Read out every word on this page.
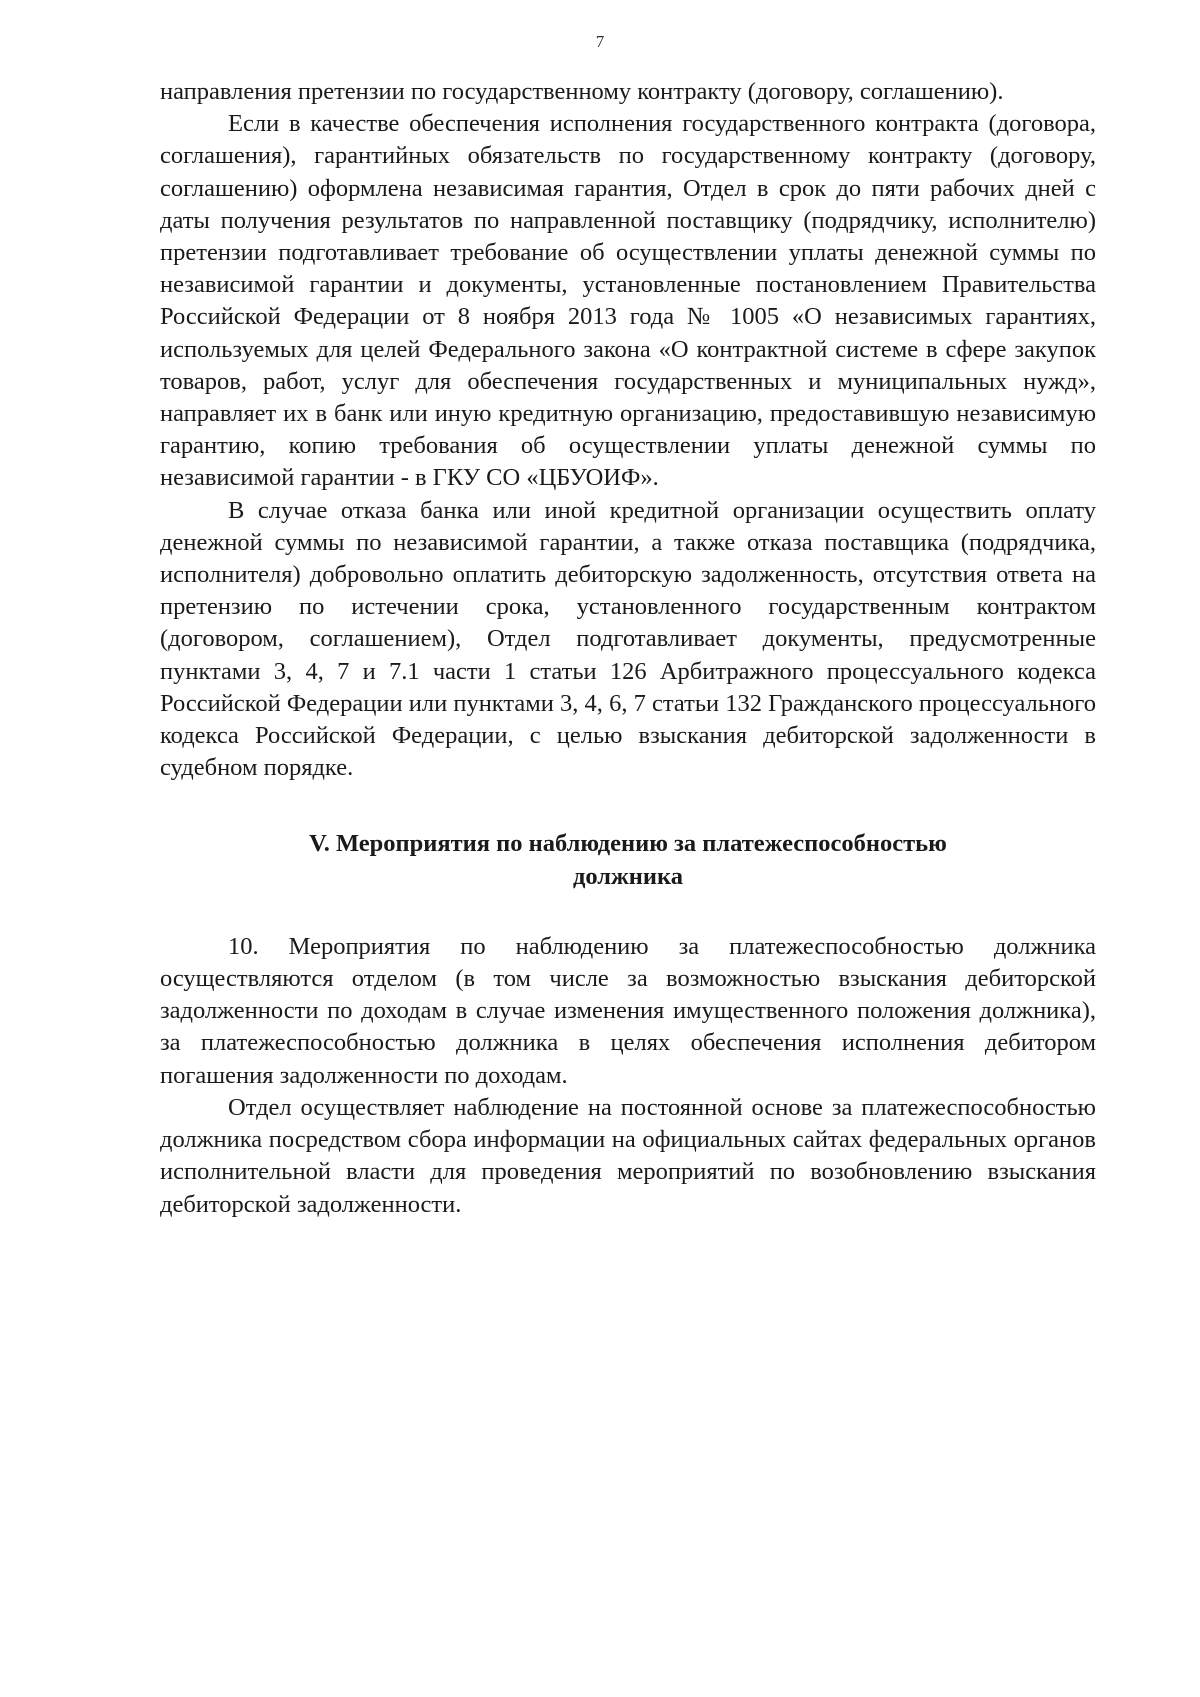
7

направления претензии по государственному контракту (договору, соглашению).

Если в качестве обеспечения исполнения государственного контракта (договора, соглашения), гарантийных обязательств по государственному контракту (договору, соглашению) оформлена независимая гарантия, Отдел в срок до пяти рабочих дней с даты получения результатов по направленной поставщику (подрядчику, исполнителю) претензии подготавливает требование об осуществлении уплаты денежной суммы по независимой гарантии и документы, установленные постановлением Правительства Российской Федерации от 8 ноября 2013 года № 1005 «О независимых гарантиях, используемых для целей Федерального закона «О контрактной системе в сфере закупок товаров, работ, услуг для обеспечения государственных и муниципальных нужд», направляет их в банк или иную кредитную организацию, предоставившую независимую гарантию, копию требования об осуществлении уплаты денежной суммы по независимой гарантии - в ГКУ СО «ЦБУОИФ».

В случае отказа банка или иной кредитной организации осуществить оплату денежной суммы по независимой гарантии, а также отказа поставщика (подрядчика, исполнителя) добровольно оплатить дебиторскую задолженность, отсутствия ответа на претензию по истечении срока, установленного государственным контрактом (договором, соглашением), Отдел подготавливает документы, предусмотренные пунктами 3, 4, 7 и 7.1 части 1 статьи 126 Арбитражного процессуального кодекса Российской Федерации или пунктами 3, 4, 6, 7 статьи 132 Гражданского процессуального кодекса Российской Федерации, с целью взыскания дебиторской задолженности в судебном порядке.

V. Мероприятия по наблюдению за платежеспособностью
должника

10. Мероприятия по наблюдению за платежеспособностью должника осуществляются отделом (в том числе за возможностью взыскания дебиторской задолженности по доходам в случае изменения имущественного положения должника), за платежеспособностью должника в целях обеспечения исполнения дебитором погашения задолженности по доходам.

Отдел осуществляет наблюдение на постоянной основе за платежеспособностью должника посредством сбора информации на официальных сайтах федеральных органов исполнительной власти для проведения мероприятий по возобновлению взыскания дебиторской задолженности.
